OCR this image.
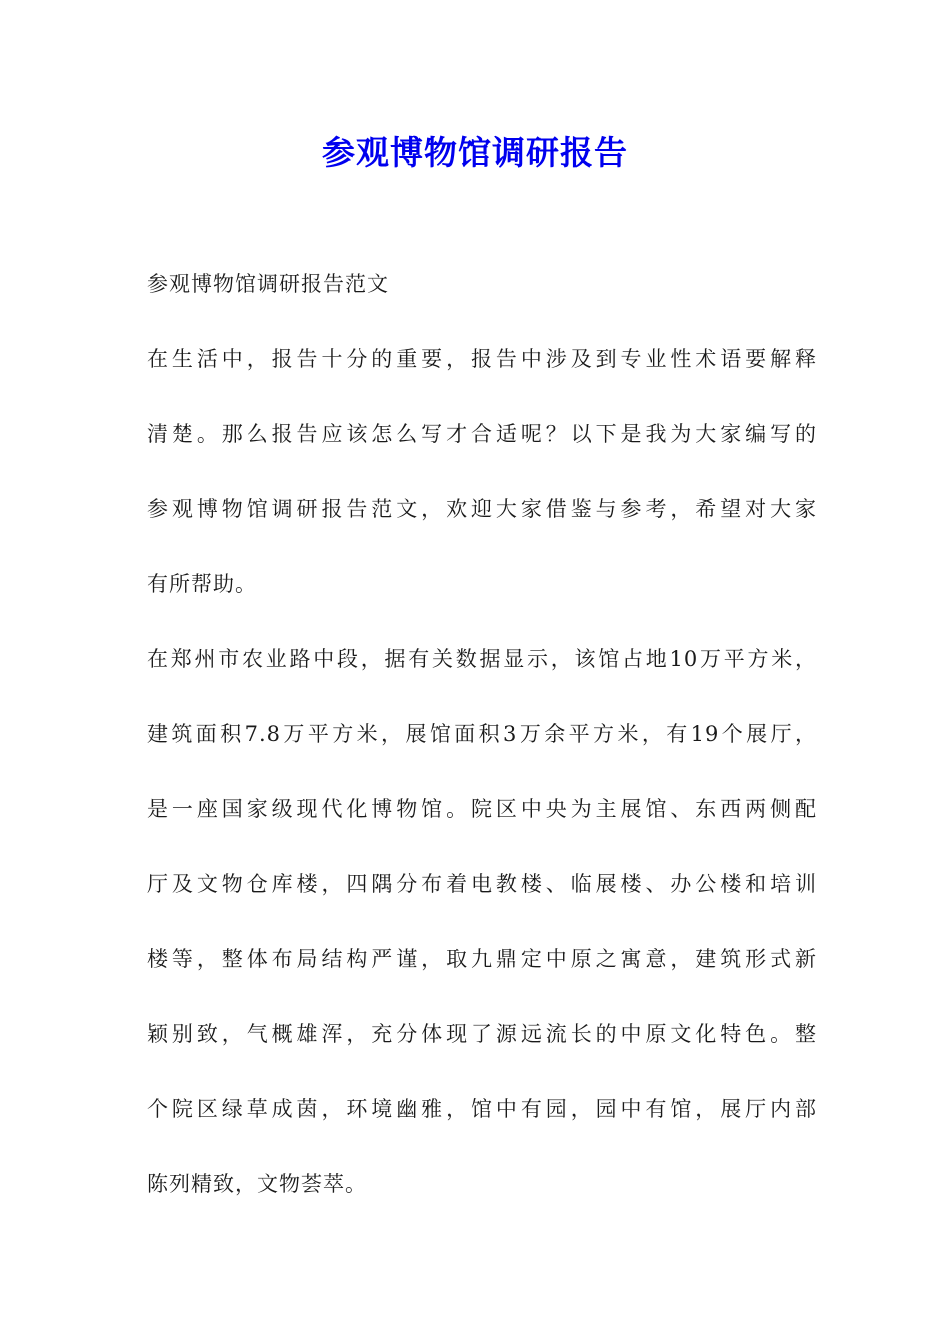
参观博物馆调研报告

参观博物馆调研报告范文

在生活中，报告十分的重要，报告中涉及到专业性术语要解释
清楚。那么报告应该怎么写才合适呢？以下是我为大家编写的
参观博物馆调研报告范文，欢迎大家借鉴与参考，希望对大家
有所帮助。

在郑州市农业路中段，据有关数据显示，该馆占地10万平方米，
建筑面积7.8万平方米，展馆面积3万余平方米，有19个展厅，
是一座国家级现代化博物馆。院区中央为主展馆、东西两侧配
厅及文物仓库楼，四隅分布着电教楼、临展楼、办公楼和培训
楼等，整体布局结构严谨，取九鼎定中原之寓意，建筑形式新
颖别致，气概雄浑，充分体现了源远流长的中原文化特色。整
个院区绿草成茵，环境幽雅，馆中有园，园中有馆，展厅内部
陈列精致，文物荟萃。
